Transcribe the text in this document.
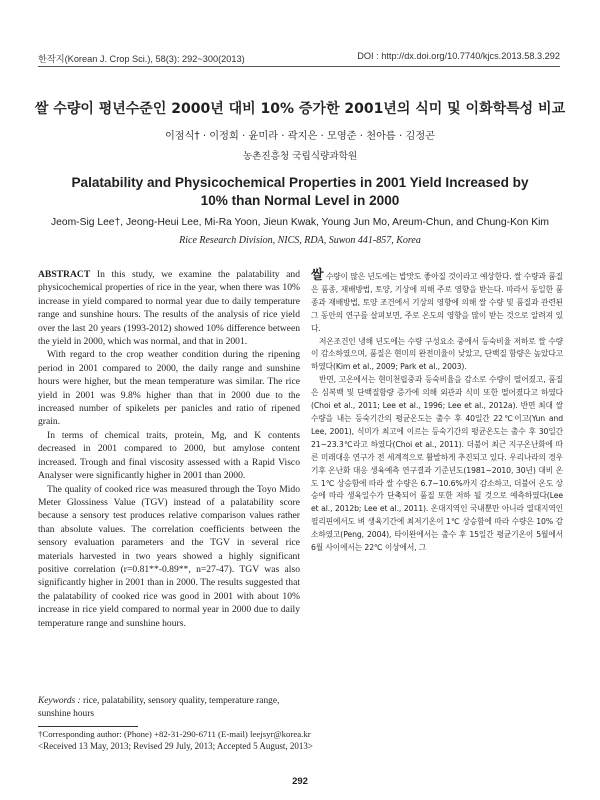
한작지(Korean J. Crop Sci.), 58(3): 292~300(2013)	DOI : http://dx.doi.org/10.7740/kjcs.2013.58.3.292
쌀 수량이 평년수준인 2000년 대비 10% 증가한 2001년의 식미 및 이화학특성 비교
이점식† · 이정희 · 윤미라 · 곽지은 · 모영준 · 천아름 · 김정곤
농촌진흥청 국립식량과학원
Palatability and Physicochemical Properties in 2001 Yield Increased by 10% than Normal Level in 2000
Jeom-Sig Lee†, Jeong-Heui Lee, Mi-Ra Yoon, Jieun Kwak, Young Jun Mo, Areum-Chun, and Chung-Kon Kim
Rice Research Division, NICS, RDA, Suwon 441-857, Korea

ABSTRACT In this study, we examine the palatability and physicochemical properties of rice in the year, when there was 10% increase in yield compared to normal year due to daily temperature range and sunshine hours. The results of the analysis of rice yield over the last 20 years (1993-2012) showed 10% difference between the yield in 2000, which was normal, and that in 2001.

With regard to the crop weather condition during the ripening period in 2001 compared to 2000, the daily range and sunshine hours were higher, but the mean temperature was similar. The rice yield in 2001 was 9.8% higher than that in 2000 due to the increased number of spikelets per panicles and ratio of ripened grain.

In terms of chemical traits, protein, Mg, and K contents decreased in 2001 compared to 2000, but amylose content increased. Trough and final viscosity assessed with a Rapid Visco Analyser were significantly higher in 2001 than 2000.

The quality of cooked rice was measured through the Toyo Mido Meter Glossiness Value (TGV) instead of a palatability score because a sensory test produces relative comparison values rather than absolute values. The correlation coefficients between the sensory evaluation parameters and the TGV in several rice materials harvested in two years showed a highly significant positive correlation (r=0.81**-0.89**, n=27-47). TGV was also significantly higher in 2001 than in 2000. The results suggested that the palatability of cooked rice was good in 2001 with about 10% increase in rice yield compared to normal year in 2000 due to daily temperature range and sunshine hours.

Keywords : rice, palatability, sensory quality, temperature range, sunshine hours

쌀 수량이 많은 년도에는 밥맛도 좋아질 것이라고 예상한다. 쌀 수량과 품질은 품종, 재배방법, 토양, 기상에 의해 주로 영향을 받는다. 따라서 동일한 품종과 재배방법, 토양 조건에서 기상의 영향에 의해 쌀 수량 및 품질과 관련된 그 동안의 연구를 살펴보면, 주로 온도의 영향을 많이 받는 것으로 알려져 있다.

저온조건인 냉해 년도에는 수량 구성요소 중에서 등숙비율 저하로 쌀 수량이 감소하였으며, 품질은 현미의 완전미율이 낮았고, 단백질 함량은 높았다고 하였다(Kim et al., 2009; Park et al., 2003).

반면, 고온에서는 현미천립중과 등숙비율을 감소로 수량이 떨어졌고, 품질은 심복백 및 단백질함량 증가에 의해 외관과 식미 또한 떨어졌다고 하였다(Choi et al., 2011; Lee et al., 1996; Lee et al., 2012a). 반면 최대 쌀 수량을 내는 등숙기간의 평균온도는 출수 후 40일간 22℃이고(Yun and Lee, 2001), 식미가 최고에 이르는 등숙기간의 평균온도는 출수 후 30일간 21~23.3℃라고 하였다(Choi et al., 2011). 더불어 최근 지구온난화에 따른 미래대응 연구가 전 세계적으로 활발하게 추진되고 있다. 우리나라의 경우 기후 온난화 대응 생육예측 연구결과 기준년도(1981~2010, 30년) 대비 온도 1℃ 상승함에 따라 쌀 수량은 6.7~10.6%까지 감소하고, 더불어 온도 상승에 따라 생육일수가 단축되어 품질 또한 저하 될 것으로 예측하였다(Lee et al., 2012b; Lee et al., 2011). 온대지역인 국내뿐만 아니라 열대지역인 필리핀에서도 벼 생육기간에 최저기온이 1℃ 상승함에 따라 수량은 10% 감소하였고(Peng, 2004), 타이완에서는 출수 후 15일간 평균기온이 5월에서 6월 사이에서는 22℃ 이상에서, 그

†Corresponding author: (Phone) +82-31-290-6711 (E-mail) leejsyr@korea.kr
<Received 13 May, 2013; Revised 29 July, 2013; Accepted 5 August, 2013>
292
